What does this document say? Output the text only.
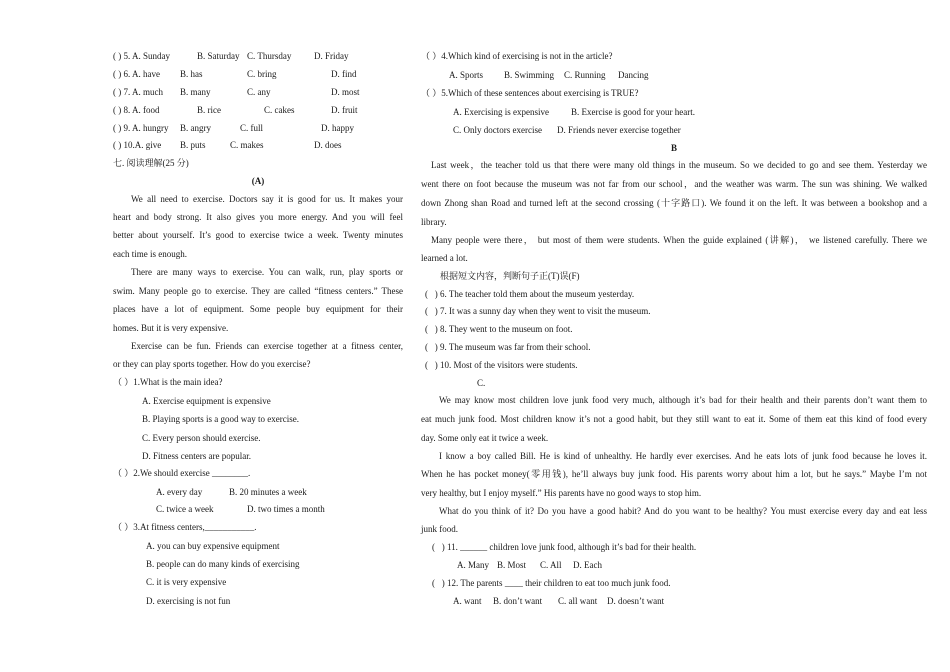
( ) 5. A. Sunday	B. Saturday C. Thursday	D. Friday
( ) 6. A. have B. has	C. bring	D. find
( ) 7. A. much B. many	C. any	D. most
( ) 8. A. food	B. rice	C. cakes	D. fruit
( ) 9. A. hungry B. angry	C. full	D. happy
( ) 10.A. give B. puts	C. makes	D. does
七. 阅读理解(25 分)
(A)
We all need to exercise. Doctors say it is good for us. It makes your
heart and body strong. It also gives you more energy. And you will feel
better about yourself. It’s good to exercise twice a week. Twenty minutes
each time is enough.
There are many ways to exercise. You can walk, run, play sports or
swim. Many people go to exercise. They are called “fitness centers.” These
places have a lot of equipment. Some people buy equipment for their
homes. But it is very expensive.
Exercise can be fun. Friends can exercise together at a fitness center,
or they can play sports together. How do you exercise?
（ ）1.What is the main idea?
A. Exercise equipment is expensive
B. Playing sports is a good way to exercise.
C. Every person should exercise.
D. Fitness centers are popular.
（ ）2.We should exercise ________.
A. every day	B. 20 minutes a week
C. twice a week	D. two times a month
（ ）3.At fitness centers,___________.
A. you can buy expensive equipment
B. people can do many kinds of exercising
C. it is very expensive
D. exercising is not fun
（ ）4.Which kind of exercising is not in the article?
A. Sports B. Swimming C. Running Dancing
（ ）5.Which of these sentences about exercising is TRUE?
A. Exercising is expensive B. Exercise is good for your heart.
C. Only doctors exercise D. Friends never exercise together
B
Last week，the teacher told us that there were many old things in the museum. So we decided to go and see them. Yesterday we
went there on foot because the museum was not far from our school，and the weather was warm. The sun was shining. We walked
down Zhong shan Road and turned left at the second crossing (十字路口). We found it on the left. It was between a bookshop and a
library.
Many people were there， but most of them were students. When the guide explained (讲解)， we listened carefully. There we
learned a lot.
根据短文内容，判断句子正(T)误(F)
(   ) 6. The teacher told them about the museum yesterday.
(   ) 7. It was a sunny day when they went to visit the museum.
(   ) 8. They went to the museum on foot.
(   ) 9. The museum was far from their school.
(   ) 10. Most of the visitors were students.
C.
We may know most children love junk food very much, although it’s bad for their health and their parents don’t want them to
eat much junk food. Most children know it’s not a good habit, but they still want to eat it. Some of them eat this kind of food every
day. Some only eat it twice a week.
I know a boy called Bill. He is kind of unhealthy. He hardly ever exercises. And he eats lots of junk food because he loves it.
When he has pocket money(零用钱), he’ll always buy junk food. His parents worry about him a lot, but he says.” Maybe I’m not
very healthy, but I enjoy myself.” His parents have no good ways to stop him.
What do you think of it? Do you have a good habit? And do you want to be healthy? You must exercise every day and eat less
junk food.
(   ) 11. ______ children love junk food, although it’s bad for their health.
A. Many B. Most C. All D. Each
(   ) 12. The parents ____ their children to eat too much junk food.
A. want B. don’t want C. all want D. doesn’t want
